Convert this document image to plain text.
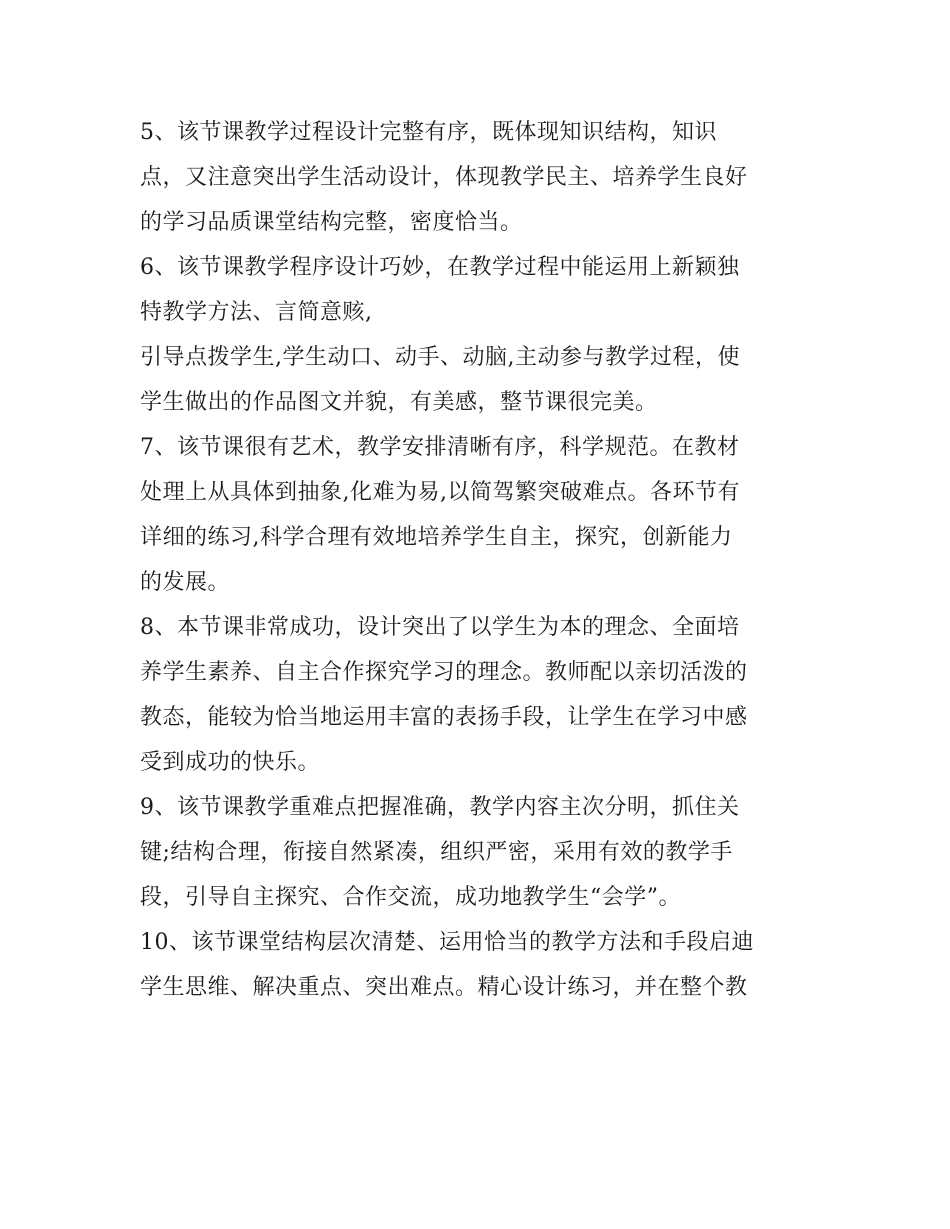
5、该节课教学过程设计完整有序，既体现知识结构，知识
点，又注意突出学生活动设计，体现教学民主、培养学生良好
的学习品质课堂结构完整，密度恰当。
6、该节课教学程序设计巧妙，在教学过程中能运用上新颖独
特教学方法、言简意赅,
引导点拨学生,学生动口、动手、动脑,主动参与教学过程，使
学生做出的作品图文并貌，有美感，整节课很完美。
7、该节课很有艺术，教学安排清晰有序，科学规范。在教材
处理上从具体到抽象,化难为易,以简驾繁突破难点。各环节有
详细的练习,科学合理有效地培养学生自主，探究，创新能力
的发展。
8、本节课非常成功，设计突出了以学生为本的理念、全面培
养学生素养、自主合作探究学习的理念。教师配以亲切活泼的
教态，能较为恰当地运用丰富的表扬手段，让学生在学习中感
受到成功的快乐。
9、该节课教学重难点把握准确，教学内容主次分明，抓住关
键;结构合理，衔接自然紧凑，组织严密，采用有效的教学手
段，引导自主探究、合作交流，成功地教学生“会学”。
10、该节课堂结构层次清楚、运用恰当的教学方法和手段启迪
学生思维、解决重点、突出难点。精心设计练习，并在整个教
